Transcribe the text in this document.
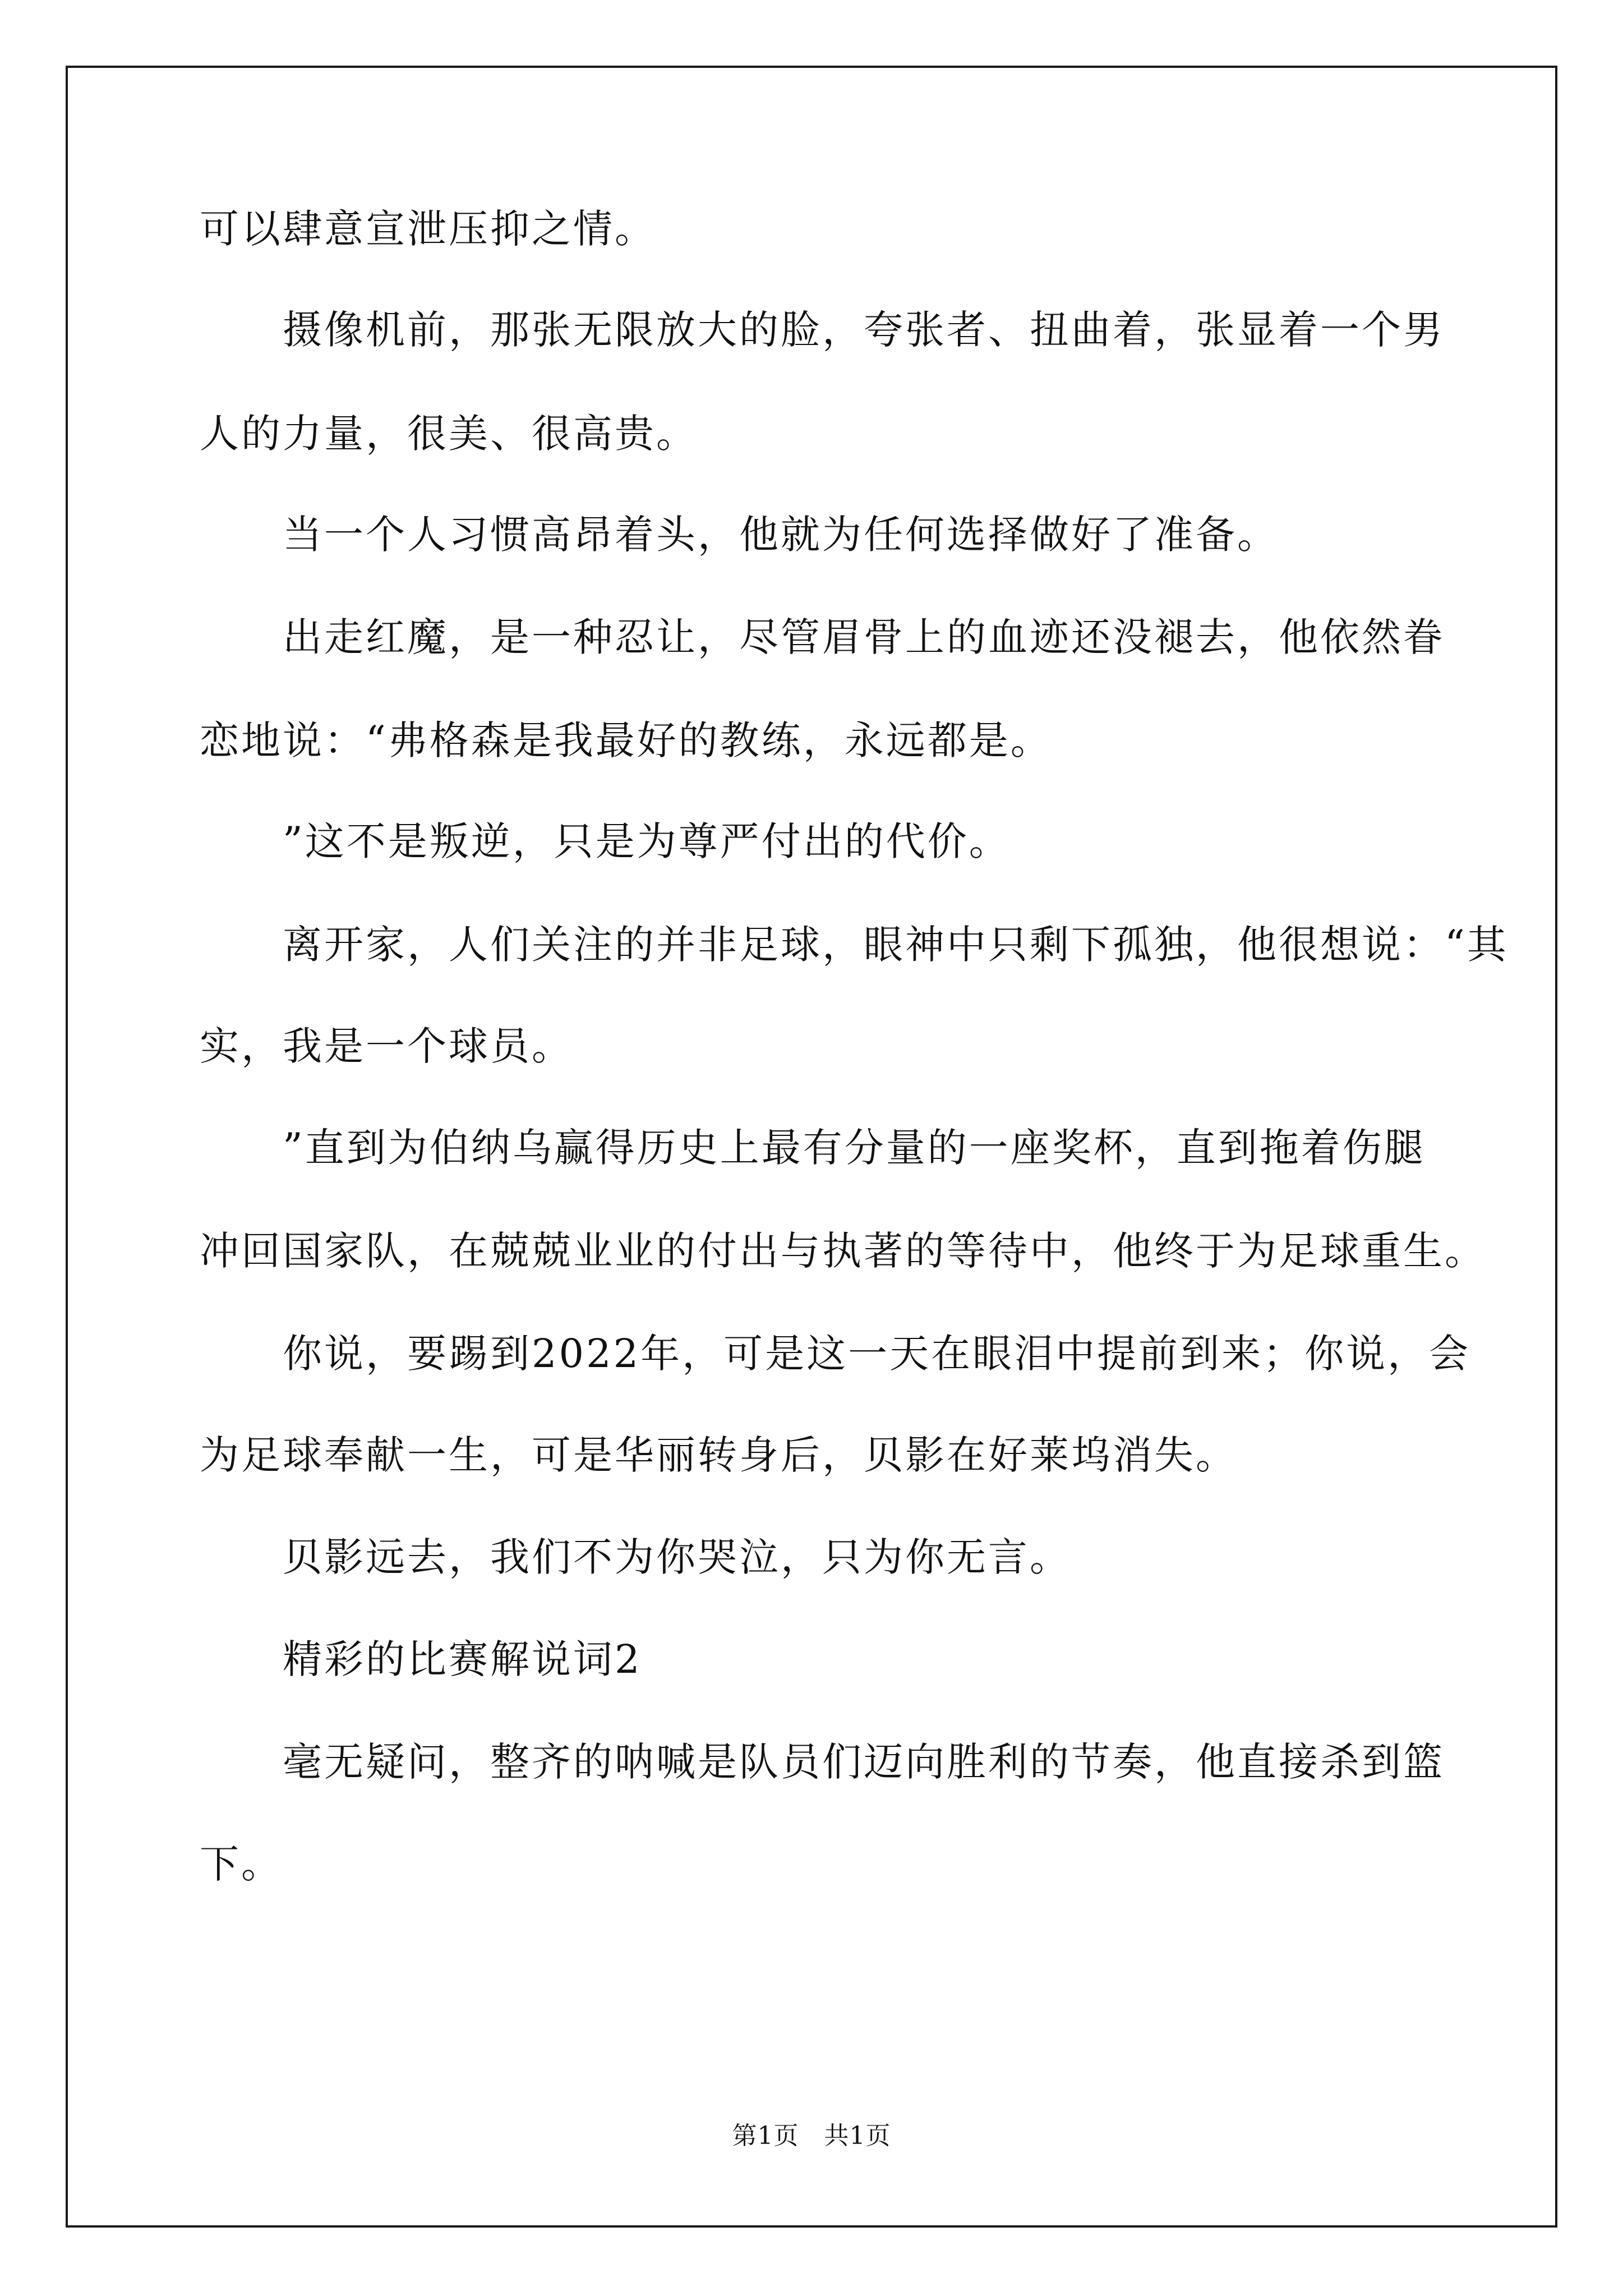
可以肆意宣泄压抑之情。
摄像机前，那张无限放大的脸，夸张者、扭曲着，张显着一个男
人的力量，很美、很高贵。
当一个人习惯高昂着头，他就为任何选择做好了准备。
出走红魔，是一种忍让，尽管眉骨上的血迹还没褪去，他依然眷
恋地说：“弗格森是我最好的教练，永远都是。
”这不是叛逆，只是为尊严付出的代价。
离开家，人们关注的并非足球，眼神中只剩下孤独，他很想说：“其
实，我是一个球员。
”直到为伯纳乌赢得历史上最有分量的一座奖杯，直到拖着伤腿
冲回国家队，在兢兢业业的付出与执著的等待中，他终于为足球重生。
你说，要踢到2022年，可是这一天在眼泪中提前到来；你说，会
为足球奉献一生，可是华丽转身后，贝影在好莱坞消失。
贝影远去，我们不为你哭泣，只为你无言。
精彩的比赛解说词2
毫无疑问，整齐的呐喊是队员们迈向胜利的节奏，他直接杀到篮
下。
第1页　共1页
